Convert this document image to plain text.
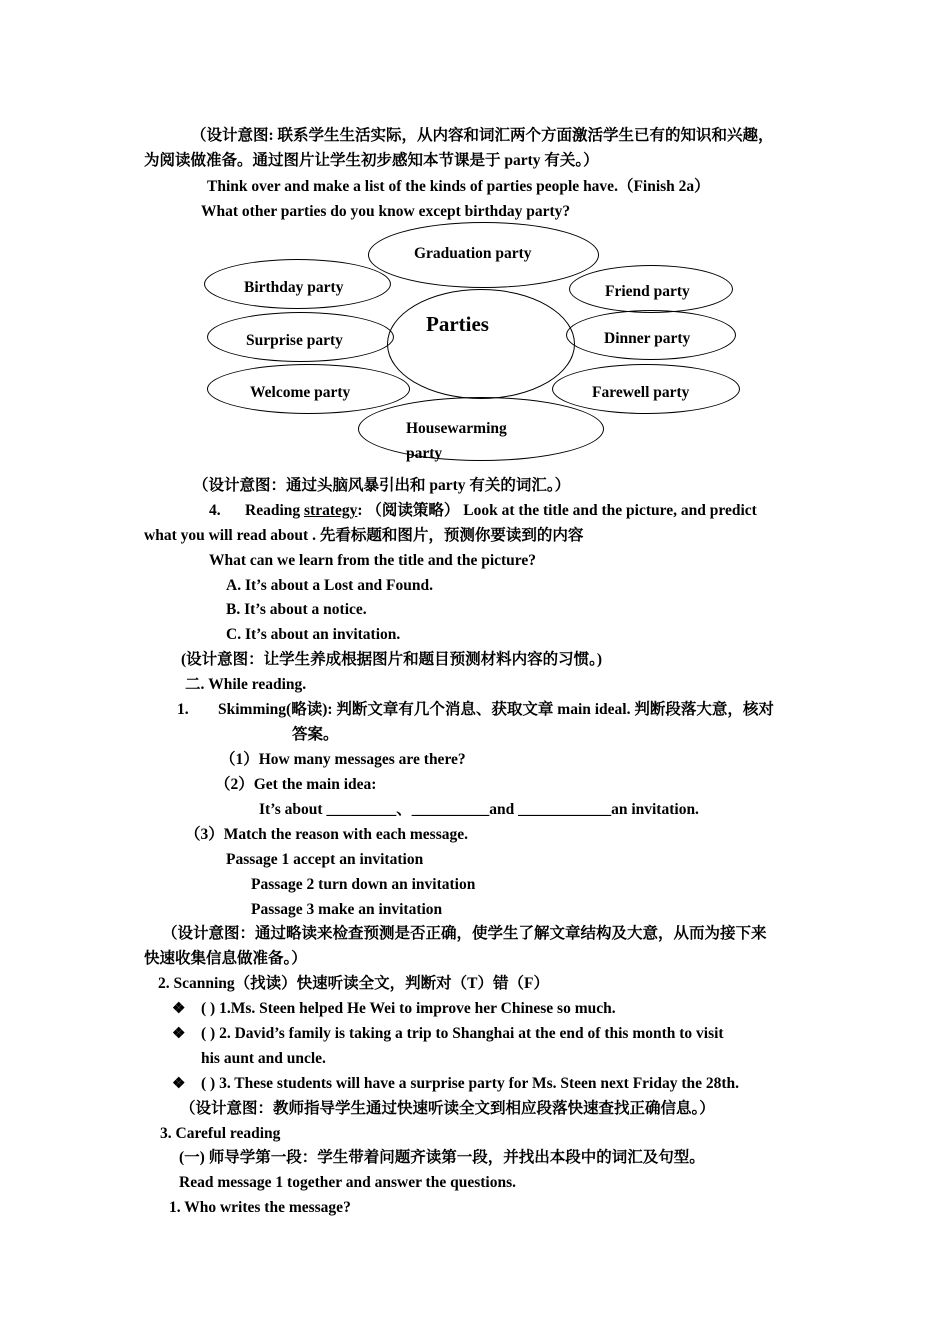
（设计意图: 联系学生生活实际，从内容和词汇两个方面激活学生已有的知识和兴趣，
为阅读做准备。通过图片让学生初步感知本节课是于 party 有关。）
Think over and make a list of the kinds of parties people have.（Finish 2a）
What other parties do you know except birthday party?
Graduation party
Birthday party	Friend party
Parties
Surprise party	Dinner party
Welcome party	Farewell party
Housewarming
party
（设计意图：通过头脑风暴引出和 party 有关的词汇。）
4. Reading strategy: （阅读策略） Look at the title and the picture, and predict
what you will read about . 先看标题和图片，预测你要读到的内容
What can we learn from the title and the picture?
A. It’s about a Lost and Found.
B. It’s about a notice.
C. It’s about an invitation.
(设计意图：让学生养成根据图片和题目预测材料内容的习惯。)
二. While reading.
1. Skimming(略读): 判断文章有几个消息、获取文章 main ideal. 判断段落大意，核对
答案。
（1）How many messages are there?
（2）Get the main idea:
It’s about _________、__________and ____________an invitation.
（3）Match the reason with each message.
Passage 1 accept an invitation
Passage 2 turn down an invitation
Passage 3 make an invitation
（设计意图：通过略读来检查预测是否正确，使学生了解文章结构及大意，从而为接下来
快速收集信息做准备。）
2. Scanning（找读）快速听读全文，判断对（T）错（F）
❖ ( ) 1.Ms. Steen helped He Wei to improve her Chinese so much.
❖ ( ) 2. David’s family is taking a trip to Shanghai at the end of this month to visit
his aunt and uncle.
❖ ( ) 3. These students will have a surprise party for Ms. Steen next Friday the 28th.
（设计意图：教师指导学生通过快速听读全文到相应段落快速查找正确信息。）
3. Careful reading
(一) 师导学第一段：学生带着问题齐读第一段，并找出本段中的词汇及句型。
Read message 1 together and answer the questions.
1. Who writes the message?
